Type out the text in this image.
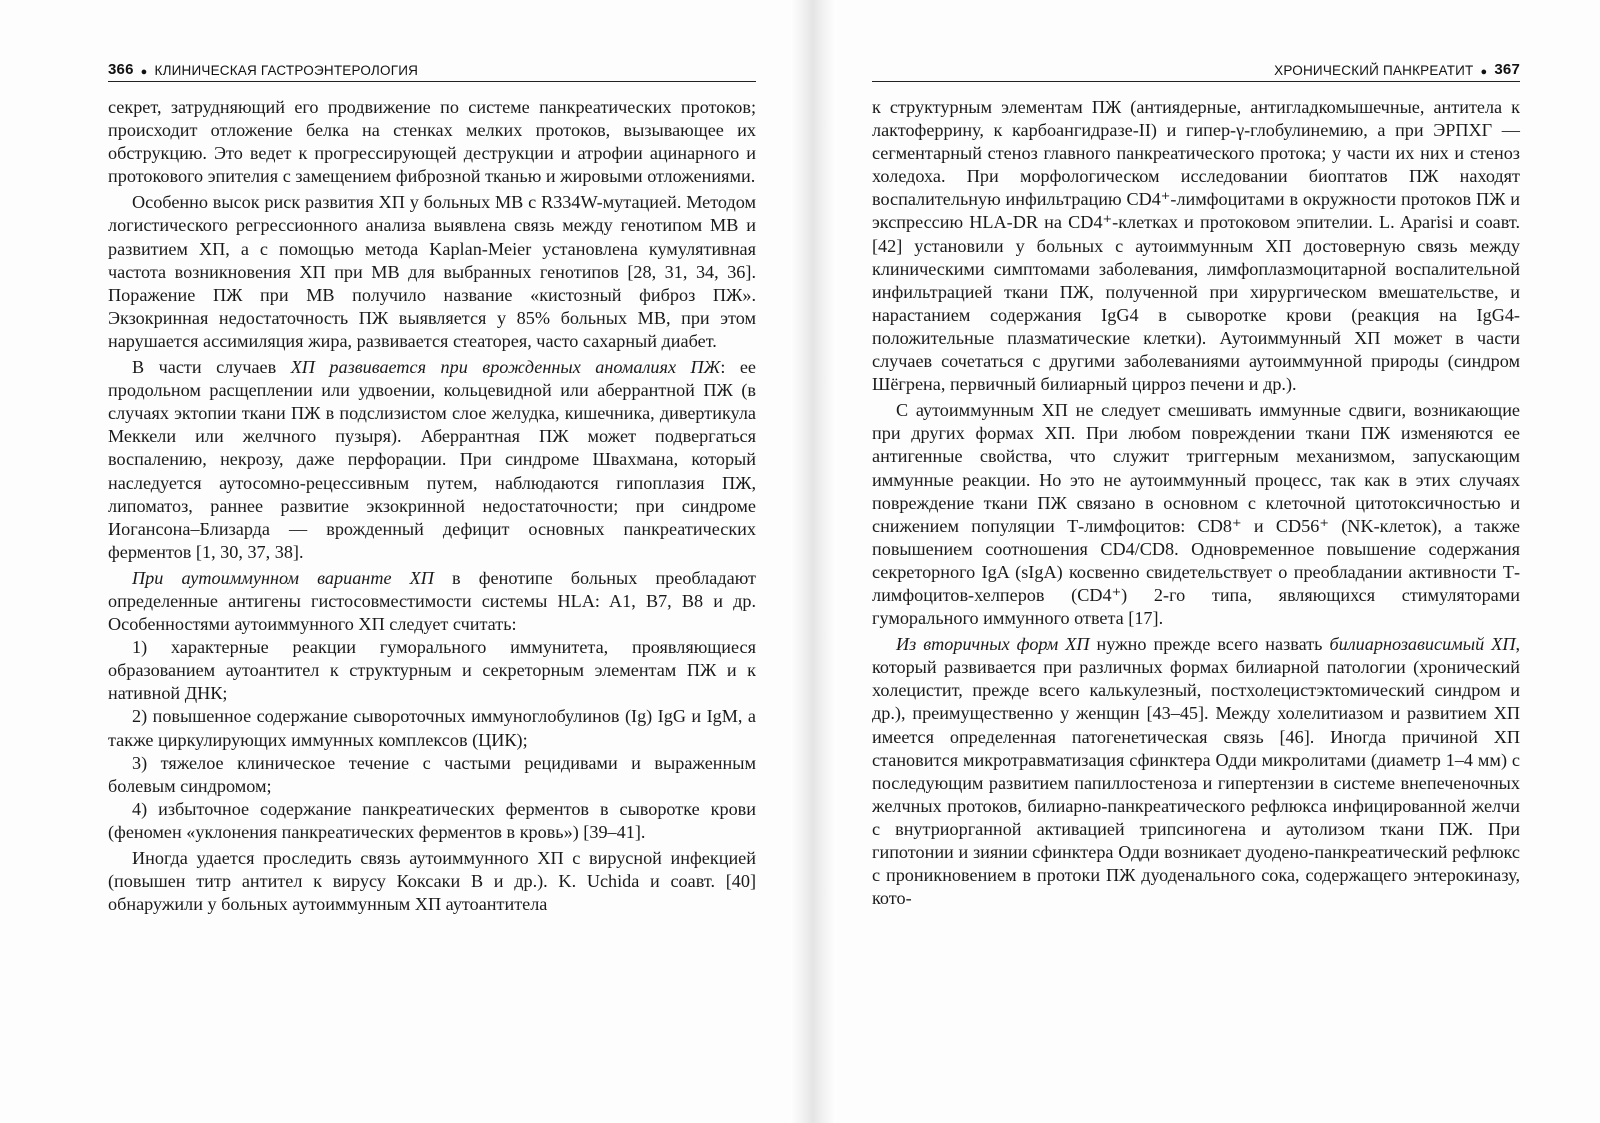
366 ● КЛИНИЧЕСКАЯ ГАСТРОЭНТЕРОЛОГИЯ

секрет, затрудняющий его продвижение по системе панкреатических протоков; происходит отложение белка на стенках мелких протоков, вызывающее их обструкцию. Это ведет к прогрессирующей деструкции и атрофии ацинарного и протокового эпителия с замещением фиброзной тканью и жировыми отложениями.

Особенно высок риск развития ХП у больных МВ с R334W-мутацией. Методом логистического регрессионного анализа выявлена связь между генотипом МВ и развитием ХП, а с помощью метода Kaplan-Meier установлена кумулятивная частота возникновения ХП при МВ для выбранных генотипов [28, 31, 34, 36]. Поражение ПЖ при МВ получило название «кистозный фиброз ПЖ». Экзокринная недостаточность ПЖ выявляется у 85% больных МВ, при этом нарушается ассимиляция жира, развивается стеаторея, часто сахарный диабет.

В части случаев ХП развивается при врожденных аномалиях ПЖ: ее продольном расщеплении или удвоении, кольцевидной или аберрантной ПЖ (в случаях эктопии ткани ПЖ в подслизистом слое желудка, кишечника, дивертикула Меккели или желчного пузыря). Аберрантная ПЖ может подвергаться воспалению, некрозу, даже перфорации. При синдроме Швахмана, который наследуется аутосомно-рецессивным путем, наблюдаются гипоплазия ПЖ, липоматоз, раннее развитие экзокринной недостаточности; при синдроме Иогансона–Близарда — врожденный дефицит основных панкреатических ферментов [1, 30, 37, 38].

При аутоиммунном варианте ХП в фенотипе больных преобладают определенные антигены гистосовместимости системы HLA: A1, B7, B8 и др. Особенностями аутоиммунного ХП следует считать:

1) характерные реакции гуморального иммунитета, проявляющиеся образованием аутоантител к структурным и секреторным элементам ПЖ и к нативной ДНК;

2) повышенное содержание сывороточных иммуноглобулинов (Ig) IgG и IgM, а также циркулирующих иммунных комплексов (ЦИК);

3) тяжелое клиническое течение с частыми рецидивами и выраженным болевым синдромом;

4) избыточное содержание панкреатических ферментов в сыворотке крови (феномен «уклонения панкреатических ферментов в кровь») [39–41].

Иногда удается проследить связь аутоиммунного ХП с вирусной инфекцией (повышен титр антител к вирусу Коксаки В и др.). K. Uchida и соавт. [40] обнаружили у больных аутоиммунным ХП аутоантитела

ХРОНИЧЕСКИЙ ПАНКРЕАТИТ ● 367

к структурным элементам ПЖ (антиядерные, антигладкомышечные, антитела к лактоферрину, к карбоангидразе-II) и гипер-γ-глобулинемию, а при ЭРПХГ — сегментарный стеноз главного панкреатического протока; у части их них и стеноз холедоха. При морфологическом исследовании биоптатов ПЖ находят воспалительную инфильтрацию CD4⁺-лимфоцитами в окружности протоков ПЖ и экспрессию HLA-DR на CD4⁺-клетках и протоковом эпителии. L. Aparisi и соавт. [42] установили у больных с аутоиммунным ХП достоверную связь между клиническими симптомами заболевания, лимфоплазмоцитарной воспалительной инфильтрацией ткани ПЖ, полученной при хирургическом вмешательстве, и нарастанием содержания IgG4 в сыворотке крови (реакция на IgG4-положительные плазматические клетки). Аутоиммунный ХП может в части случаев сочетаться с другими заболеваниями аутоиммунной природы (синдром Шёгрена, первичный билиарный цирроз печени и др.).

С аутоиммунным ХП не следует смешивать иммунные сдвиги, возникающие при других формах ХП. При любом повреждении ткани ПЖ изменяются ее антигенные свойства, что служит триггерным механизмом, запускающим иммунные реакции. Но это не аутоиммунный процесс, так как в этих случаях повреждение ткани ПЖ связано в основном с клеточной цитотоксичностью и снижением популяции Т-лимфоцитов: CD8⁺ и CD56⁺ (NK-клеток), а также повышением соотношения CD4/CD8. Одновременное повышение содержания секреторного IgA (sIgA) косвенно свидетельствует о преобладании активности Т-лимфоцитов-хелперов (CD4⁺) 2-го типа, являющихся стимуляторами гуморального иммунного ответа [17].

Из вторичных форм ХП нужно прежде всего назвать билиарнозависимый ХП, который развивается при различных формах билиарной патологии (хронический холецистит, прежде всего калькулезный, постхолецистэктомический синдром и др.), преимущественно у женщин [43–45]. Между холелитиазом и развитием ХП имеется определенная патогенетическая связь [46]. Иногда причиной ХП становится микротравматизация сфинктера Одди микролитами (диаметр 1–4 мм) с последующим развитием папиллостеноза и гипертензии в системе внепеченочных желчных протоков, билиарно-панкреатического рефлюкса инфицированной желчи с внутриорганной активацией трипсиногена и аутолизом ткани ПЖ. При гипотонии и зиянии сфинктера Одди возникает дуодено-панкреатический рефлюкс с проникновением в протоки ПЖ дуоденального сока, содержащего энтерокиназу, кото-
